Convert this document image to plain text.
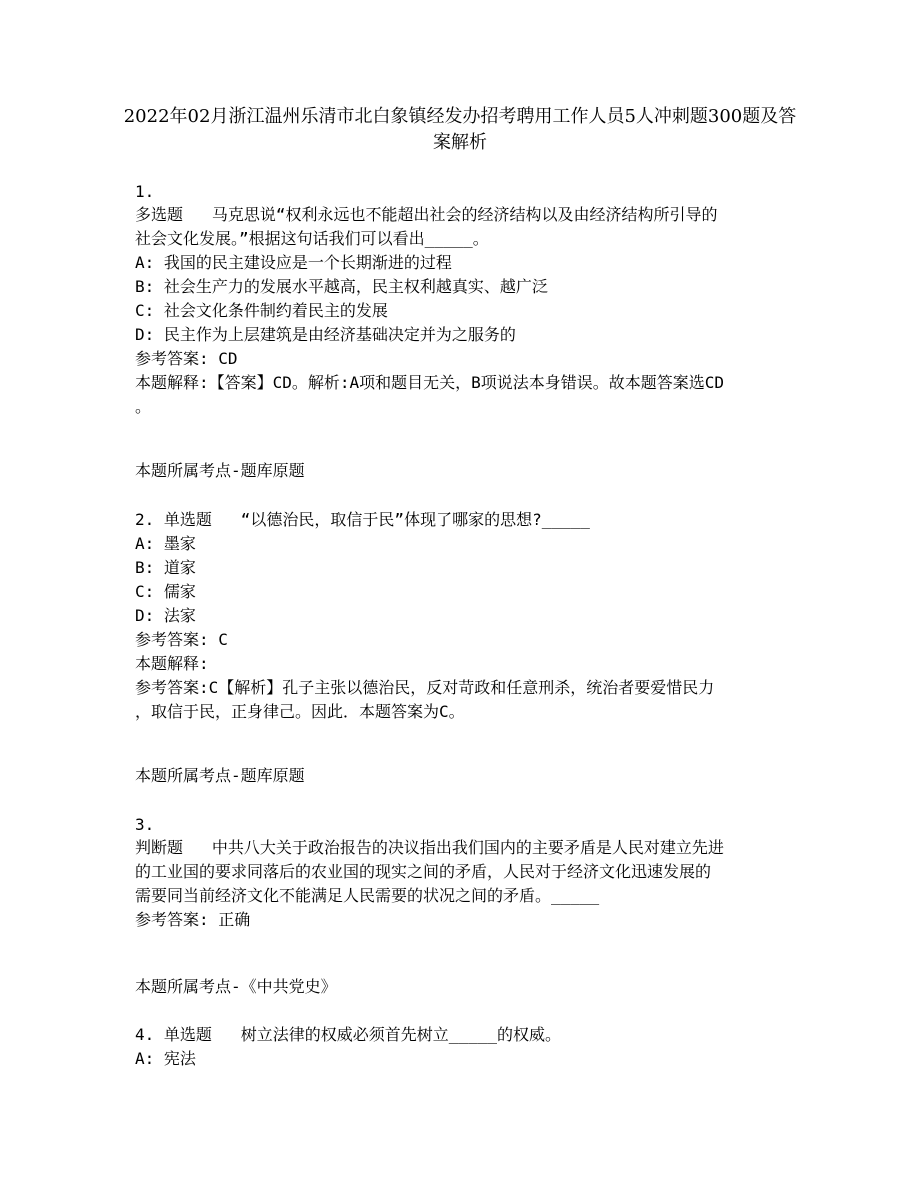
2022年02月浙江温州乐清市北白象镇经发办招考聘用工作人员5人冲刺题300题及答
案解析
1.
多选题   马克思说“权利永远也不能超出社会的经济结构以及由经济结构所引导的
社会文化发展。”根据这句话我们可以看出_____。
A: 我国的民主建设应是一个长期渐进的过程
B: 社会生产力的发展水平越高，民主权利越真实、越广泛
C: 社会文化条件制约着民主的发展
D: 民主作为上层建筑是由经济基础决定并为之服务的
参考答案: CD
本题解释:【答案】CD。解析:A项和题目无关，B项说法本身错误。故本题答案选CD
。
本题所属考点-题库原题
2. 单选题   “以德治民，取信于民”体现了哪家的思想?_____
A: 墨家
B: 道家
C: 儒家
D: 法家
参考答案: C
本题解释:
参考答案:C【解析】孔子主张以德治民，反对苛政和任意刑杀，统治者要爱惜民力
，取信于民，正身律己。因此．本题答案为C。
本题所属考点-题库原题
3.
判断题   中共八大关于政治报告的决议指出我们国内的主要矛盾是人民对建立先进
的工业国的要求同落后的农业国的现实之间的矛盾，人民对于经济文化迅速发展的
需要同当前经济文化不能满足人民需要的状况之间的矛盾。_____
参考答案: 正确
本题所属考点-《中共党史》
4. 单选题   树立法律的权威必须首先树立_____的权威。
A: 宪法
